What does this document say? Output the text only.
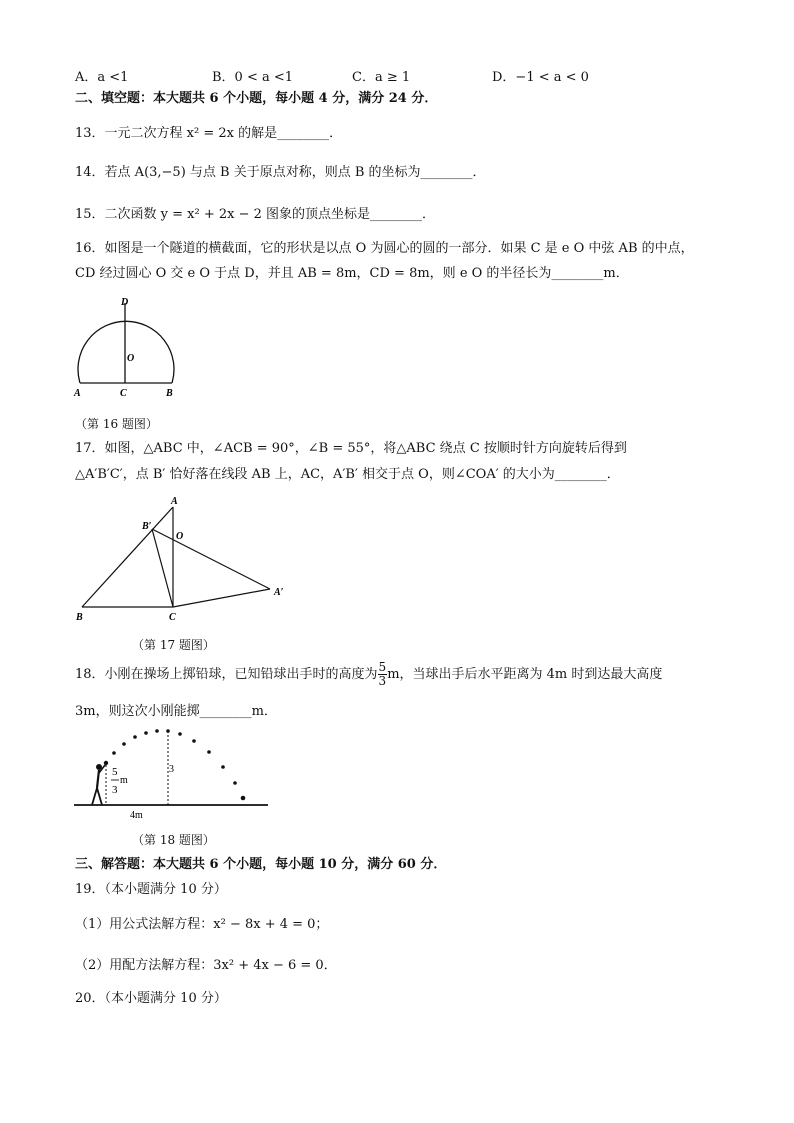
A．a <1	B．0 < a <1	C．a ≥ 1	D．−1 < a < 0
二、填空题：本大题共 6 个小题，每小题 4 分，满分 24 分．
13．一元二次方程 x² = 2x 的解是________．
14．若点 A(3,−5) 与点 B 关于原点对称，则点 B 的坐标为________．
15．二次函数 y = x² + 2x − 2 图象的顶点坐标是________．
16．如图是一个隧道的横截面，它的形状是以点 O 为圆心的圆的一部分．如果 C 是 e O 中弦 AB 的中点，
CD 经过圆心 O 交 e O 于点 D，并且 AB = 8m，CD = 8m，则 e O 的半径长为________m．
D
O
A	C	B
（第 16 题图）
17．如图，△ABC 中，∠ACB = 90°，∠B = 55°，将△ABC 绕点 C 按顺时针方向旋转后得到
△A′B′C′，点 B′ 恰好落在线段 AB 上，AC，A′B′ 相交于点 O，则∠COA′ 的大小为________．
A
B′
O
A′
B	C
（第 17 题图）
18．小刚在操场上掷铅球，已知铅球出手时的高度为 $\frac{5}{3}$ m，当球出手后水平距离为 4m 时到达最大高度
3m，则这次小刚能掷________m．
5
m
3
3
4m
（第 18 题图）
三、解答题：本大题共 6 个小题，每小题 10 分，满分 60 分．
19．（本小题满分 10 分）
（1）用公式法解方程：x² − 8x + 4 = 0；
（2）用配方法解方程：3x² + 4x − 6 = 0．
20．（本小题满分 10 分）
